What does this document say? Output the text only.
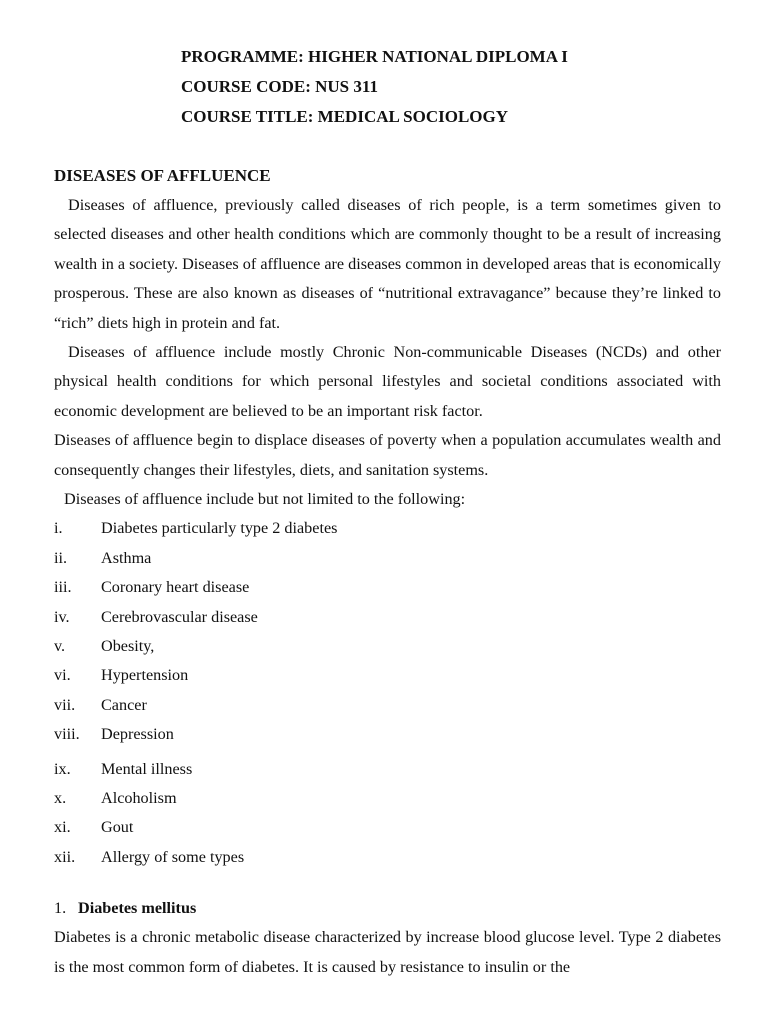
PROGRAMME: HIGHER NATIONAL DIPLOMA I
COURSE CODE: NUS 311
COURSE TITLE: MEDICAL SOCIOLOGY

DISEASES OF AFFLUENCE

Diseases of affluence, previously called diseases of rich people, is a term sometimes given to selected diseases and other health conditions which are commonly thought to be a result of increasing wealth in a society. Diseases of affluence are diseases common in developed areas that is economically prosperous. These are also known as diseases of “nutritional extravagance” because they’re linked to “rich” diets high in protein and fat.

Diseases of affluence include mostly Chronic Non-communicable Diseases (NCDs) and other physical health conditions for which personal lifestyles and societal conditions associated with economic development are believed to be an important risk factor.

Diseases of affluence begin to displace diseases of poverty when a population accumulates wealth and consequently changes their lifestyles, diets, and sanitation systems.

Diseases of affluence include but not limited to the following:

i.	Diabetes particularly type 2 diabetes
ii.	Asthma
iii.	Coronary heart disease
iv.	Cerebrovascular disease
v.	Obesity,
vi.	Hypertension
vii.	Cancer
viii.	Depression
ix.	Mental illness
x.	Alcoholism
xi.	Gout
xii.	Allergy of some types

1. Diabetes mellitus

Diabetes is a chronic metabolic disease characterized by increase blood glucose level. Type 2 diabetes is the most common form of diabetes. It is caused by resistance to insulin or the
